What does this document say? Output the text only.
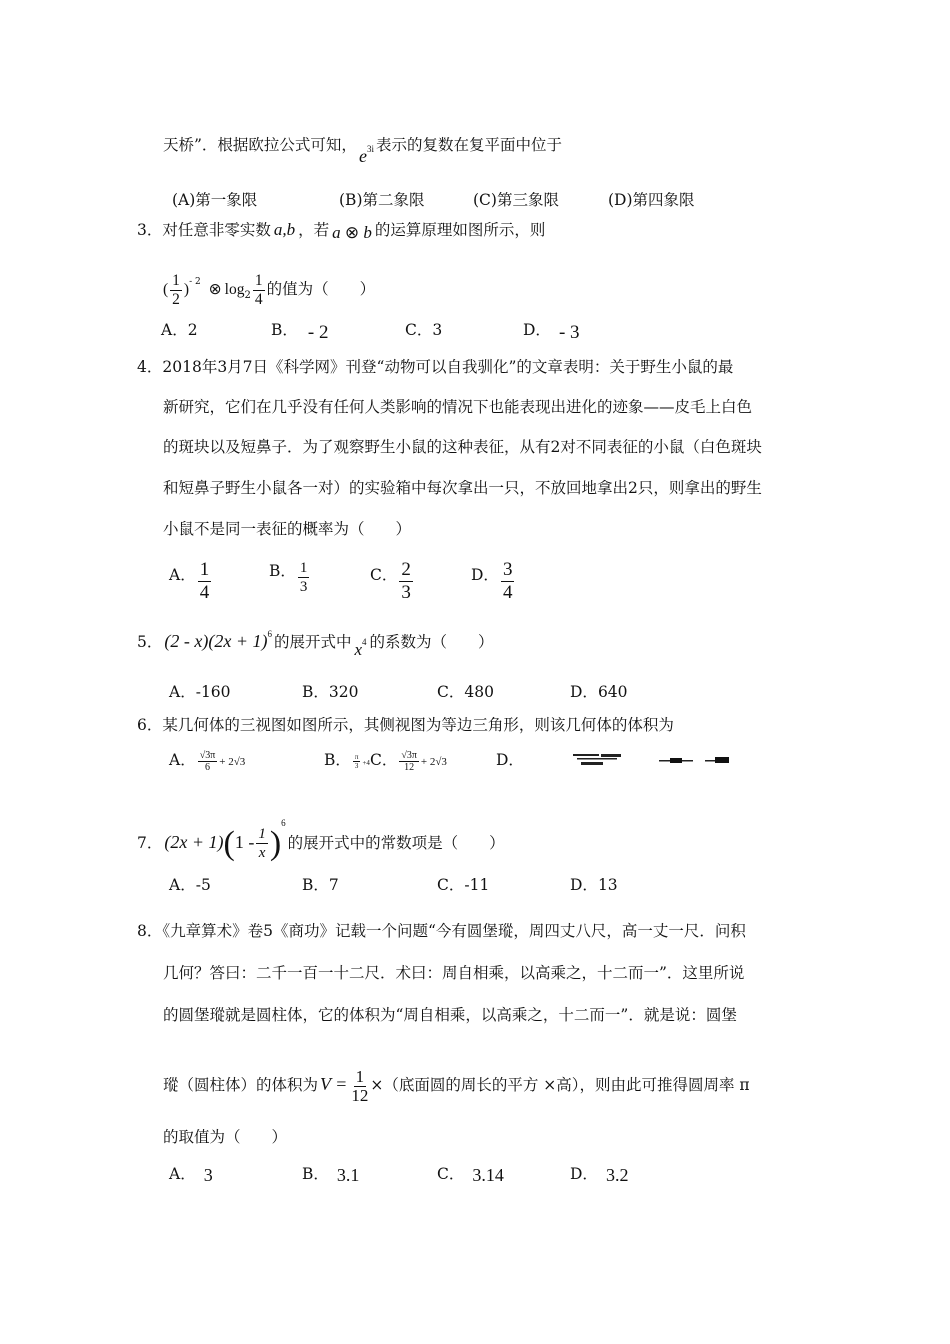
天桥”．根据欧拉公式可知，$e^{3i}$ 表示的复数在复平面中位于
(A)第一象限	(B)第二象限	(C)第三象限	(D)第四象限
3．对任意非零实数 a,b ，若 a ⊗ b 的运算原理如图所示，则
( $\frac{1}{2} )^{- 2}$ ⊗ $\log_2 \frac{1}{4}$ 的值为（　　）
A．2	B． - 2	C．3	D． - 3
4．2018年3月7日《科学网》刊登“动物可以自我驯化”的文章表明：关于野生小鼠的最
新研究，它们在几乎没有任何人类影响的情况下也能表现出进化的迹象——皮毛上白色
的斑块以及短鼻子．为了观察野生小鼠的这种表征，从有2对不同表征的小鼠（白色斑块
和短鼻子野生小鼠各一对）的实验箱中每次拿出一只，不放回地拿出2只，则拿出的野生
小鼠不是同一表征的概率为（　　）
A． $\frac{1}{4}$	B． $\frac{1}{3}$	C． $\frac{2}{3}$	D． $\frac{3}{4}$
5． $(2 - x)(2x + 1)^6$ 的展开式中 $x^4$ 的系数为（　　）
A．-160	B．320	C．480	D．640
6．某几何体的三视图如图所示，其侧视图为等边三角形，则该几何体的体积为
A． $\frac{√3\pi}{6} + 2√3$	B． $\frac{\pi}{3} +4$ C． $\frac{√3\pi}{12} + 2√3$	D．
7． $(2x + 1)(1 - \frac{1}{x} )^6$的展开式中的常数项是（　　）
A．-5	B．7	C．-11	D．13
8．《九章算术》卷5《商功》记载一个问题“今有圆堡瑽，周四丈八尺，高一丈一尺．问积
几何？答曰：二千一百一十二尺．术曰：周自相乘，以高乘之，十二而一”．这里所说
的圆堡瑽就是圆柱体，它的体积为“周自相乘，以高乘之，十二而一”．就是说：圆堡
瑽（圆柱体）的体积为 $V = \frac{1}{12}$ ×（底面圆的周长的平方 ×高），则由此可推得圆周率 π
的取值为（　　）
A． 3	B． 3.1	C． 3.14	D． 3.2
